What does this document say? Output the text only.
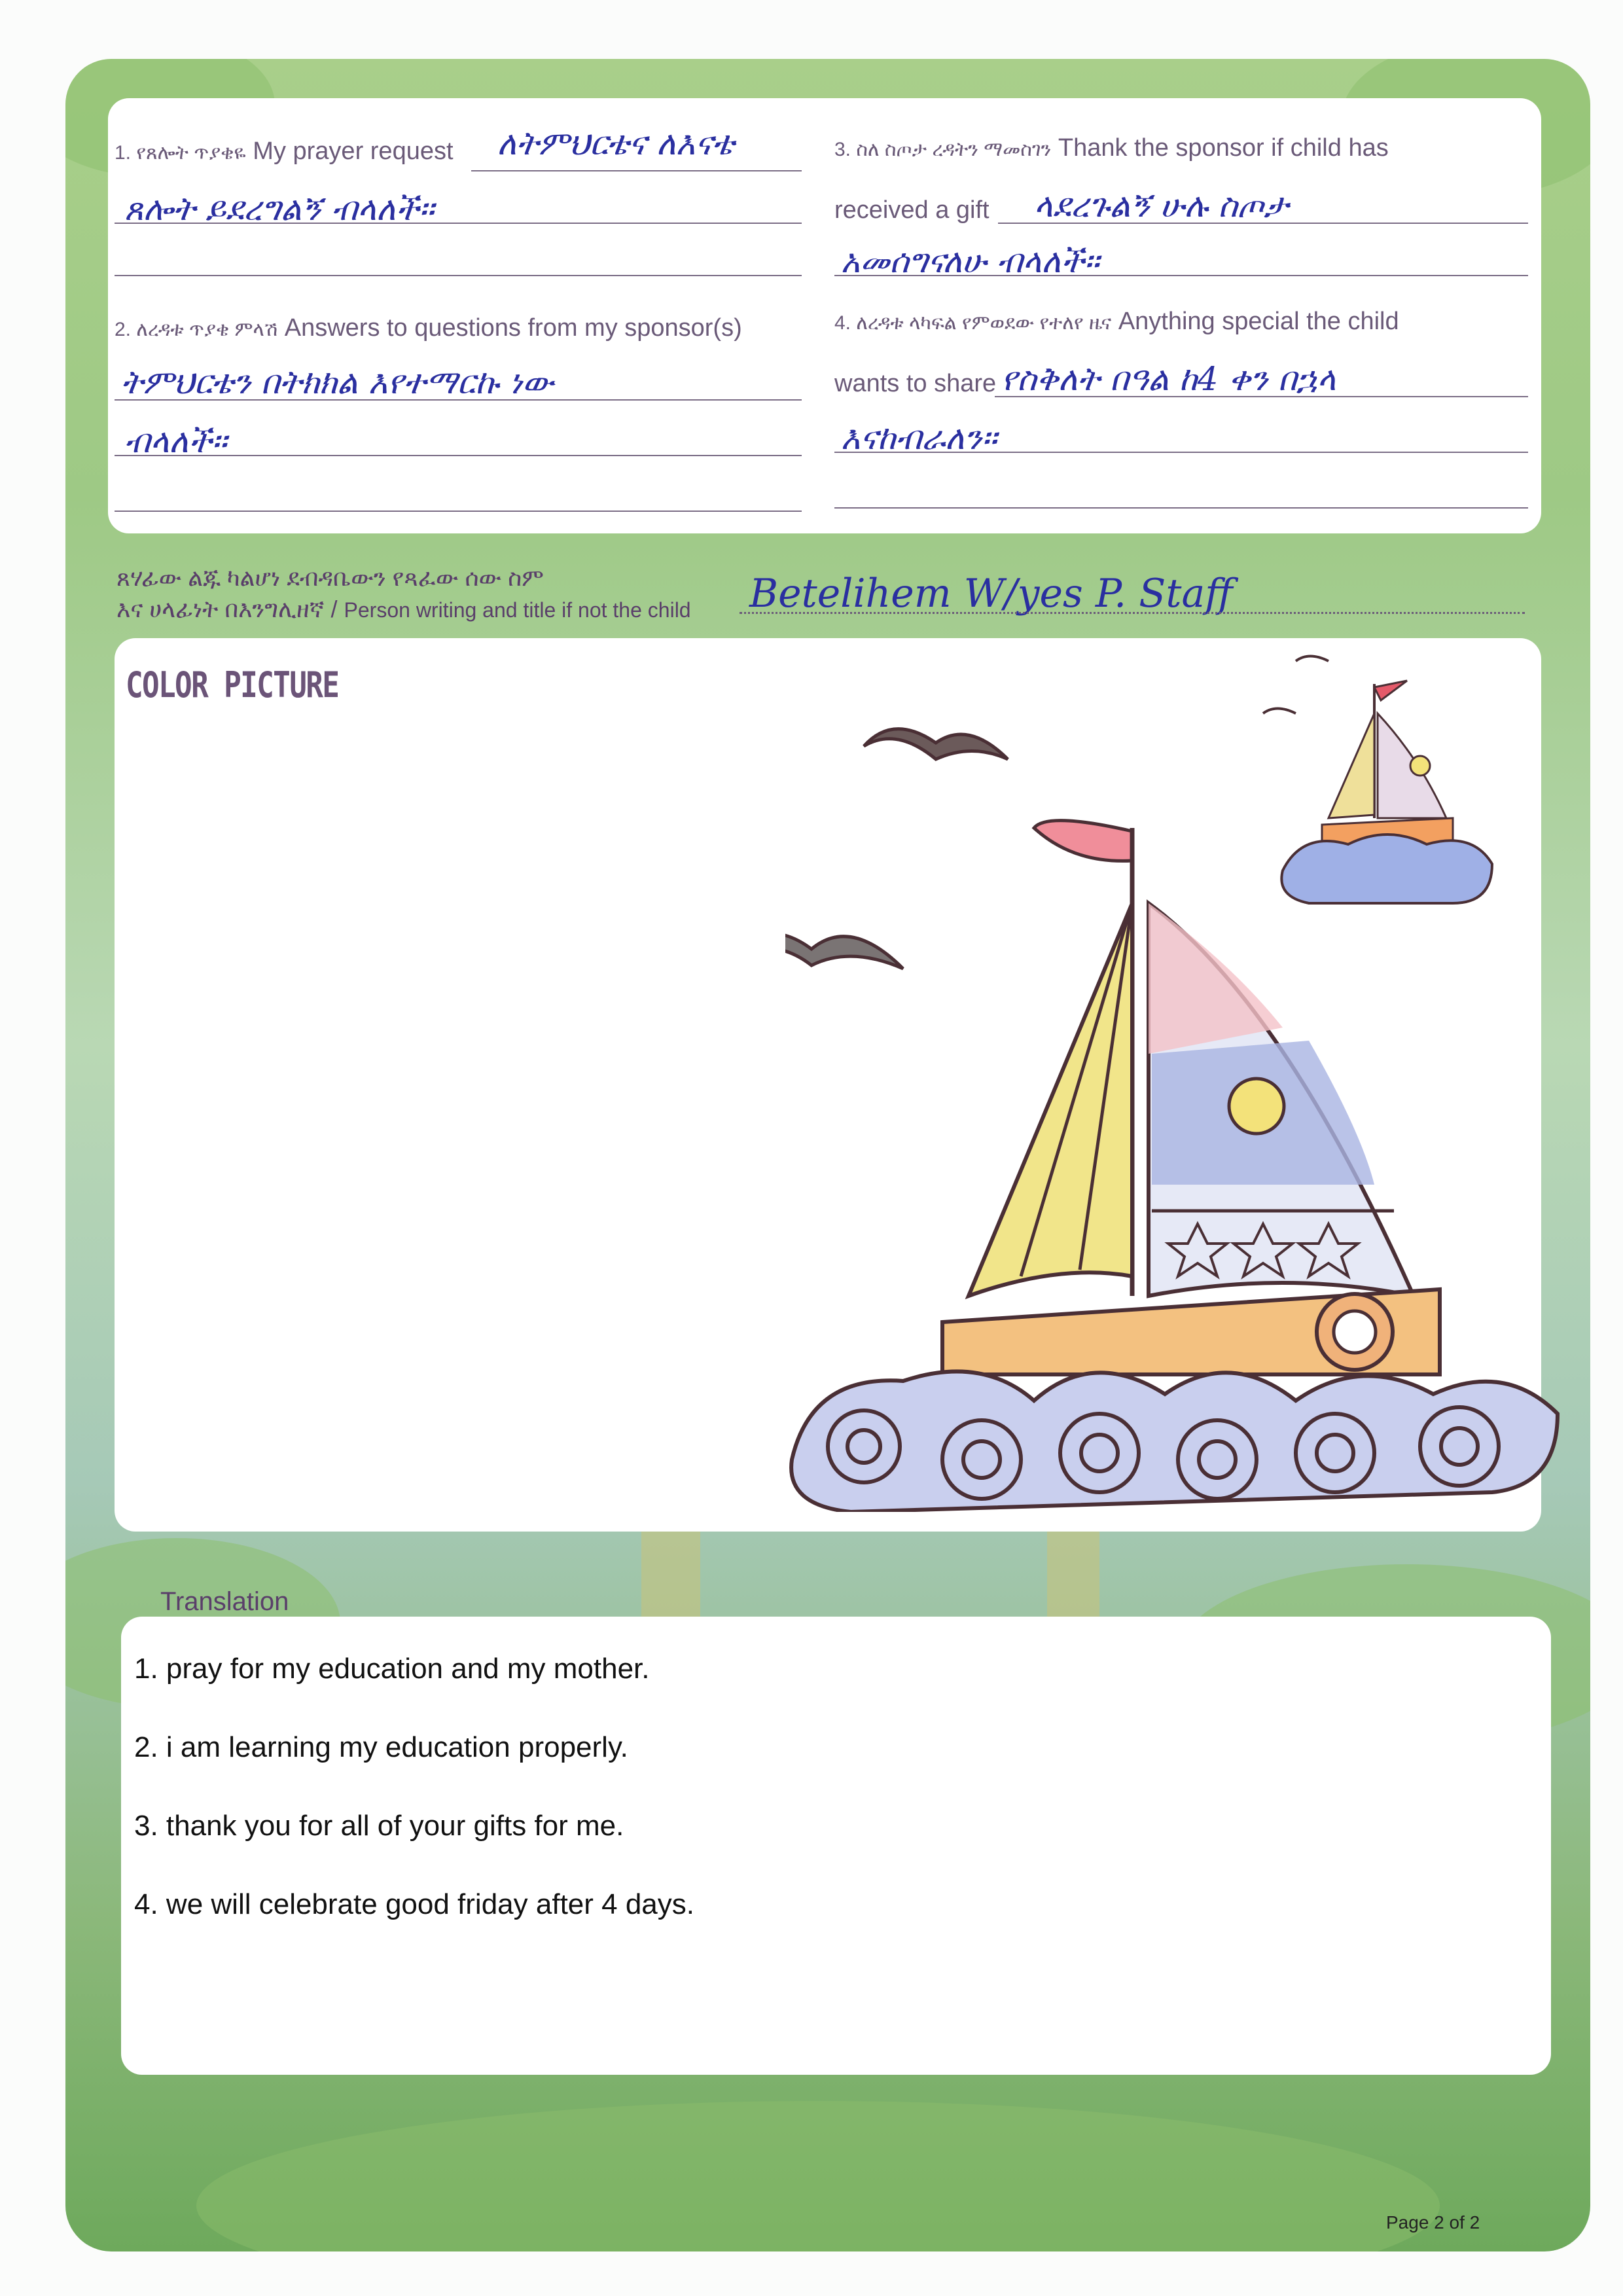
1. የጸሎት ጥያቄዬ My prayer request ለትምህርቴና ለእናቴ
ጸሎት ይደረግልኝ ብላለች።
2. ለረዳቱ ጥያቄ ምላሽ Answers to questions from my sponsor(s)
ትምህርቴን በትክክል እየተማርኩ ነው
ብላለች።
3. ስለ ስጦታ ረዳትን ማመስገን Thank the sponsor if child has
received a gift ላደረጉልኝ ሁሉ ስጦታ
አመሰግናለሁ ብላለች።
4. ለረዳቱ ላካፍል የምወደው የተለየ ዜና Anything special the child
wants to share የስቅለት በዓል ከ4 ቀን በኋላ
እናከብራለን።
ጸሃፊው ልጁ ካልሆነ ደብዳቤውን የጻፈው ሰው ስም
እና ሀላፊነት በእንግሊዘኛ / Person writing and title if not the child Betelihem W/yes P. Staff
COLOR PICTURE
Translation
1. pray for my education and my mother.
2. i am learning my education properly.
3. thank you for all of your gifts for me.
4. we will celebrate good friday after 4 days.
Page 2 of 2
